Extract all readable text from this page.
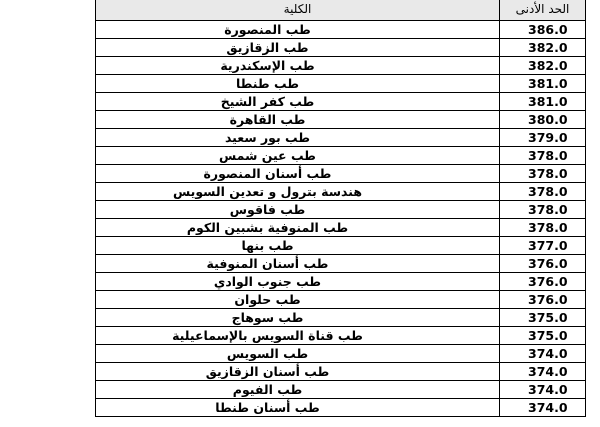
الكلية	الحد الأدنى
طب المنصورة	386.0
طب الزقازيق	382.0
طب الإسكندرية	382.0
طب طنطا	381.0
طب كفر الشيخ	381.0
طب القاهرة	380.0
طب بور سعيد	379.0
طب عين شمس	378.0
طب أسنان المنصورة	378.0
هندسة بترول و تعدين السويس	378.0
طب فاقوس	378.0
طب المنوفية بشبين الكوم	378.0
طب بنها	377.0
طب أسنان المنوفية	376.0
طب جنوب الوادي	376.0
طب حلوان	376.0
طب سوهاج	375.0
طب قناة السويس بالإسماعيلية	375.0
طب السويس	374.0
طب أسنان الزقازيق	374.0
طب الفيوم	374.0
طب أسنان طنطا	374.0
